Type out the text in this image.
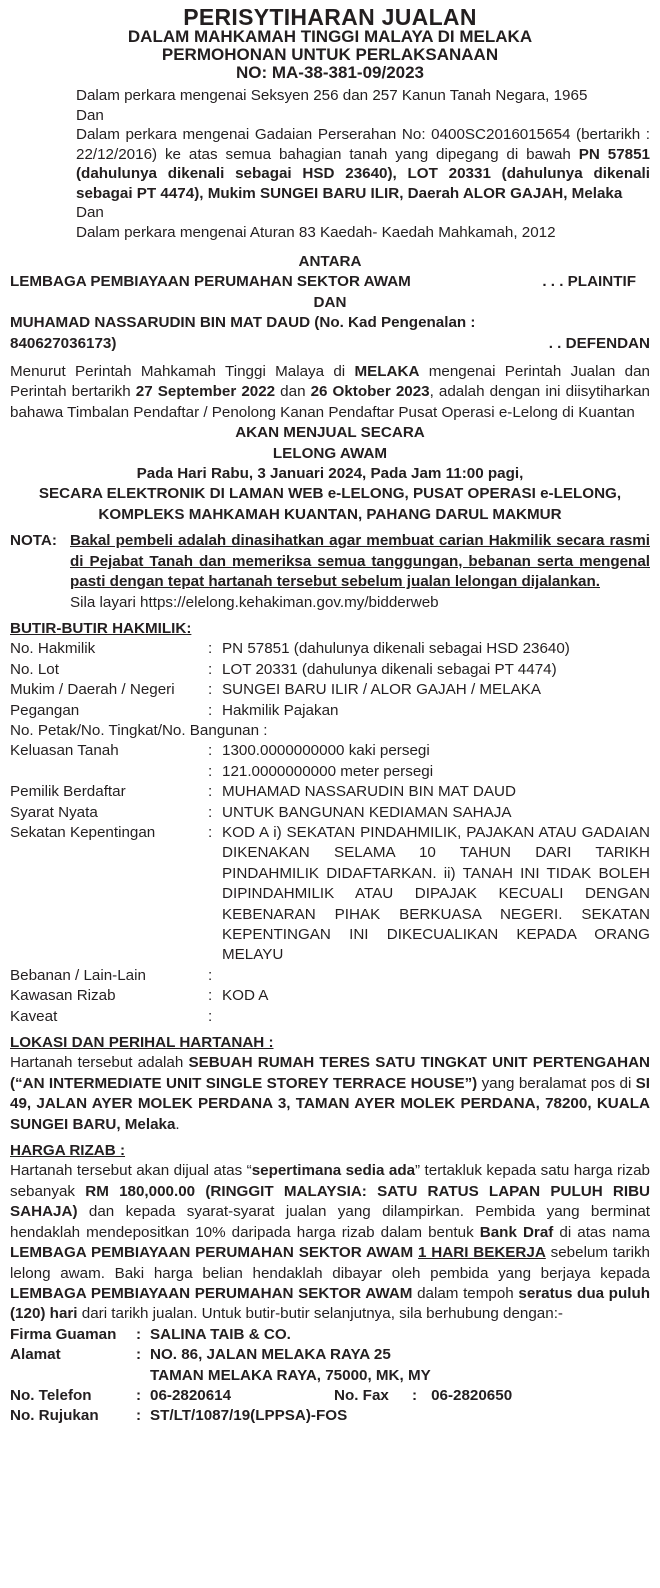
PERISYTIHARAN JUALAN
DALAM MAHKAMAH TINGGI MALAYA DI MELAKA
PERMOHONAN UNTUK PERLAKSANAAN
NO: MA-38-381-09/2023
Dalam perkara mengenai Seksyen 256 dan 257 Kanun Tanah Negara, 1965
Dan
Dalam perkara mengenai Gadaian Perserahan No: 0400SC2016015654 (bertarikh : 22/12/2016) ke atas semua bahagian tanah yang dipegang di bawah PN 57851 (dahulunya dikenali sebagai HSD 23640), LOT 20331 (dahulunya dikenali sebagai PT 4474), Mukim SUNGEI BARU ILIR, Daerah ALOR GAJAH, Melaka
Dan
Dalam perkara mengenai Aturan 83 Kaedah- Kaedah Mahkamah, 2012
ANTARA
LEMBAGA PEMBIAYAAN PERUMAHAN SEKTOR AWAM	. . . PLAINTIF
DAN
MUHAMAD NASSARUDIN BIN MAT DAUD (No. Kad Pengenalan :
840627036173)	. . DEFENDAN
Menurut Perintah Mahkamah Tinggi Malaya di MELAKA mengenai Perintah Jualan dan Perintah bertarikh 27 September 2022 dan 26 Oktober 2023, adalah dengan ini diisytiharkan bahawa Timbalan Pendaftar / Penolong Kanan Pendaftar Pusat Operasi e-Lelong di Kuantan
AKAN MENJUAL SECARA
LELONG AWAM
Pada Hari Rabu, 3 Januari 2024, Pada Jam 11:00 pagi,
SECARA ELEKTRONIK DI LAMAN WEB e-LELONG, PUSAT OPERASI e-LELONG,
KOMPLEKS MAHKAMAH KUANTAN, PAHANG DARUL MAKMUR
NOTA: Bakal pembeli adalah dinasihatkan agar membuat carian Hakmilik secara rasmi di Pejabat Tanah dan memeriksa semua tanggungan, bebanan serta mengenal pasti dengan tepat hartanah tersebut sebelum jualan lelongan dijalankan.
Sila layari https://elelong.kehakiman.gov.my/bidderweb
BUTIR-BUTIR HAKMILIK:
No. Hakmilik	:	PN 57851 (dahulunya dikenali sebagai HSD 23640)
No. Lot	:	LOT 20331 (dahulunya dikenali sebagai PT 4474)
Mukim / Daerah / Negeri	:	SUNGEI BARU ILIR / ALOR GAJAH / MELAKA
Pegangan	:	Hakmilik Pajakan
No. Petak/No. Tingkat/No. Bangunan :		
Keluasan Tanah	:	1300.0000000000 kaki persegi
	:	121.0000000000 meter persegi
Pemilik Berdaftar	:	MUHAMAD NASSARUDIN BIN MAT DAUD
Syarat Nyata	:	UNTUK BANGUNAN KEDIAMAN SAHAJA
Sekatan Kepentingan	:	KOD A i) SEKATAN PINDAHMILIK, PAJAKAN ATAU GADAIAN DIKENAKAN SELAMA 10 TAHUN DARI TARIKH PINDAHMILIK DIDAFTARKAN. ii) TANAH INI TIDAK BOLEH DIPINDAHMILIK ATAU DIPAJAK KECUALI DENGAN KEBENARAN PIHAK BERKUASA NEGERI. SEKATAN KEPENTINGAN INI DIKECUALIKAN KEPADA ORANG MELAYU
Bebanan / Lain-Lain	:	
Kawasan Rizab	:	KOD A
Kaveat	:	
LOKASI DAN PERIHAL HARTANAH :
Hartanah tersebut adalah SEBUAH RUMAH TERES SATU TINGKAT UNIT PERTENGAHAN (“AN INTERMEDIATE UNIT SINGLE STOREY TERRACE HOUSE”) yang beralamat pos di SI 49, JALAN AYER MOLEK PERDANA 3, TAMAN AYER MOLEK PERDANA, 78200, KUALA SUNGEI BARU, Melaka.
HARGA RIZAB :
Hartanah tersebut akan dijual atas “sepertimana sedia ada” tertakluk kepada satu harga rizab sebanyak RM 180,000.00 (RINGGIT MALAYSIA: SATU RATUS LAPAN PULUH RIBU SAHAJA) dan kepada syarat-syarat jualan yang dilampirkan. Pembida yang berminat hendaklah mendepositkan 10% daripada harga rizab dalam bentuk Bank Draf di atas nama LEMBAGA PEMBIAYAAN PERUMAHAN SEKTOR AWAM 1 HARI BEKERJA sebelum tarikh lelong awam. Baki harga belian hendaklah dibayar oleh pembida yang berjaya kepada LEMBAGA PEMBIAYAAN PERUMAHAN SEKTOR AWAM dalam tempoh seratus dua puluh (120) hari dari tarikh jualan. Untuk butir-butir selanjutnya, sila berhubung dengan:-
Firma Guaman	:	SALINA TAIB & CO.		
Alamat	:	NO. 86, JALAN MELAKA RAYA 25		
		TAMAN MELAKA RAYA, 75000, MK, MY		
No. Telefon	:	06-2820614	No. Fax	: 06-2820650
No. Rujukan	:	ST/LT/1087/19(LPPSA)-FOS		
